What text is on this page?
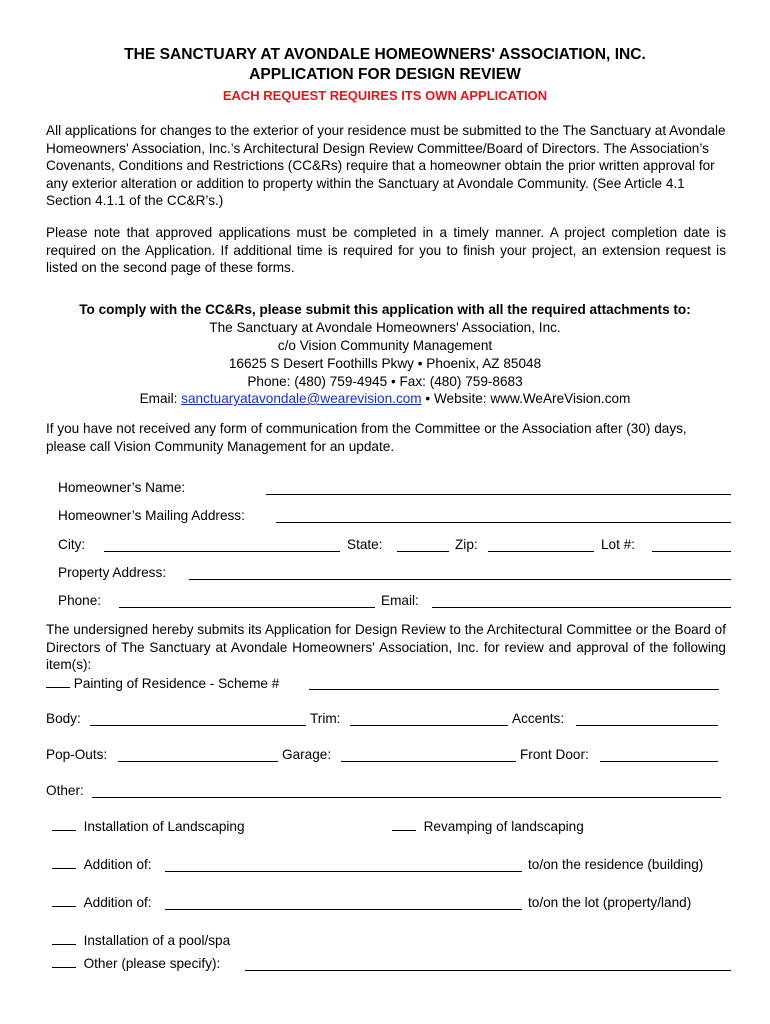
THE SANCTUARY AT AVONDALE HOMEOWNERS' ASSOCIATION, INC.
APPLICATION FOR DESIGN REVIEW
EACH REQUEST REQUIRES ITS OWN APPLICATION
All applications for changes to the exterior of your residence must be submitted to the The Sanctuary at Avondale Homeowners' Association, Inc.’s Architectural Design Review Committee/Board of Directors. The Association’s Covenants, Conditions and Restrictions (CC&Rs) require that a homeowner obtain the prior written approval for any exterior alteration or addition to property within the Sanctuary at Avondale Community. (See Article 4.1 Section 4.1.1 of the CC&R’s.)
Please note that approved applications must be completed in a timely manner. A project completion date is required on the Application. If additional time is required for you to finish your project, an extension request is listed on the second page of these forms.
To comply with the CC&Rs, please submit this application with all the required attachments to:
The Sanctuary at Avondale Homeowners' Association, Inc.
c/o Vision Community Management
16625 S Desert Foothills Pkwy • Phoenix, AZ 85048
Phone: (480) 759-4945 • Fax: (480) 759-8683
Email: sanctuaryatavondale@wearevision.com • Website: www.WeAreVision.com
If you have not received any form of communication from the Committee or the Association after (30) days, please call Vision Community Management for an update.
Homeowner’s Name:
Homeowner’s Mailing Address:
City:	State:	Zip:	Lot #:
Property Address:
Phone:	Email:
The undersigned hereby submits its Application for Design Review to the Architectural Committee or the Board of Directors of The Sanctuary at Avondale Homeowners' Association, Inc. for review and approval of the following item(s):
Painting of Residence - Scheme #
Body:	Trim:	Accents:
Pop-Outs:	Garage:	Front Door:
Other:
Installation of Landscaping	Revamping of landscaping
Addition of:	to/on the residence (building)
Addition of:	to/on the lot (property/land)
Installation of a pool/spa
Other (please specify):
